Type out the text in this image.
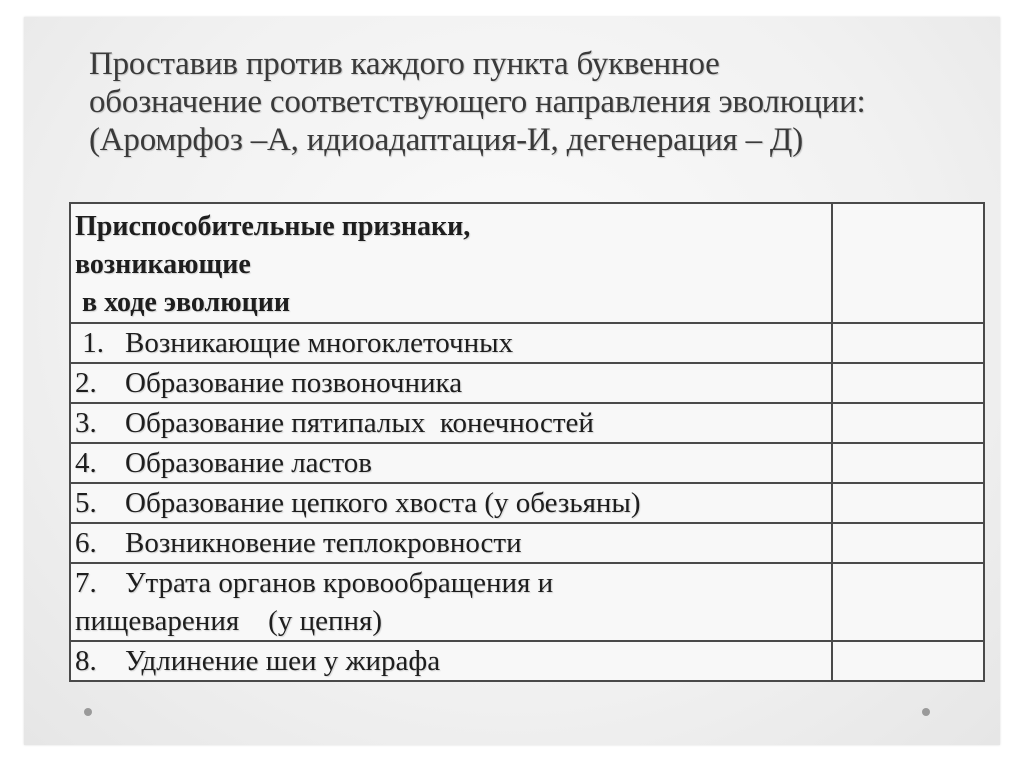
Проставив против каждого пункта буквенное
обозначение соответствующего направления эволюции:
(Аромрфоз –А, идиоадаптация-И, дегенерация – Д)
Приспособительные признаки,
возникающие
в ходе эволюции	

1. Возникающие многоклеточных	

2. Образование позвоночника	

3. Образование пятипалых  конечностей	

4. Образование ластов	

5. Образование цепкого хвоста (у обезьяны)	

6. Возникновение теплокровности	

7. Утрата органов кровообращения и
пищеварения    (у цепня)	

8. Удлинение шеи у жирафа	
